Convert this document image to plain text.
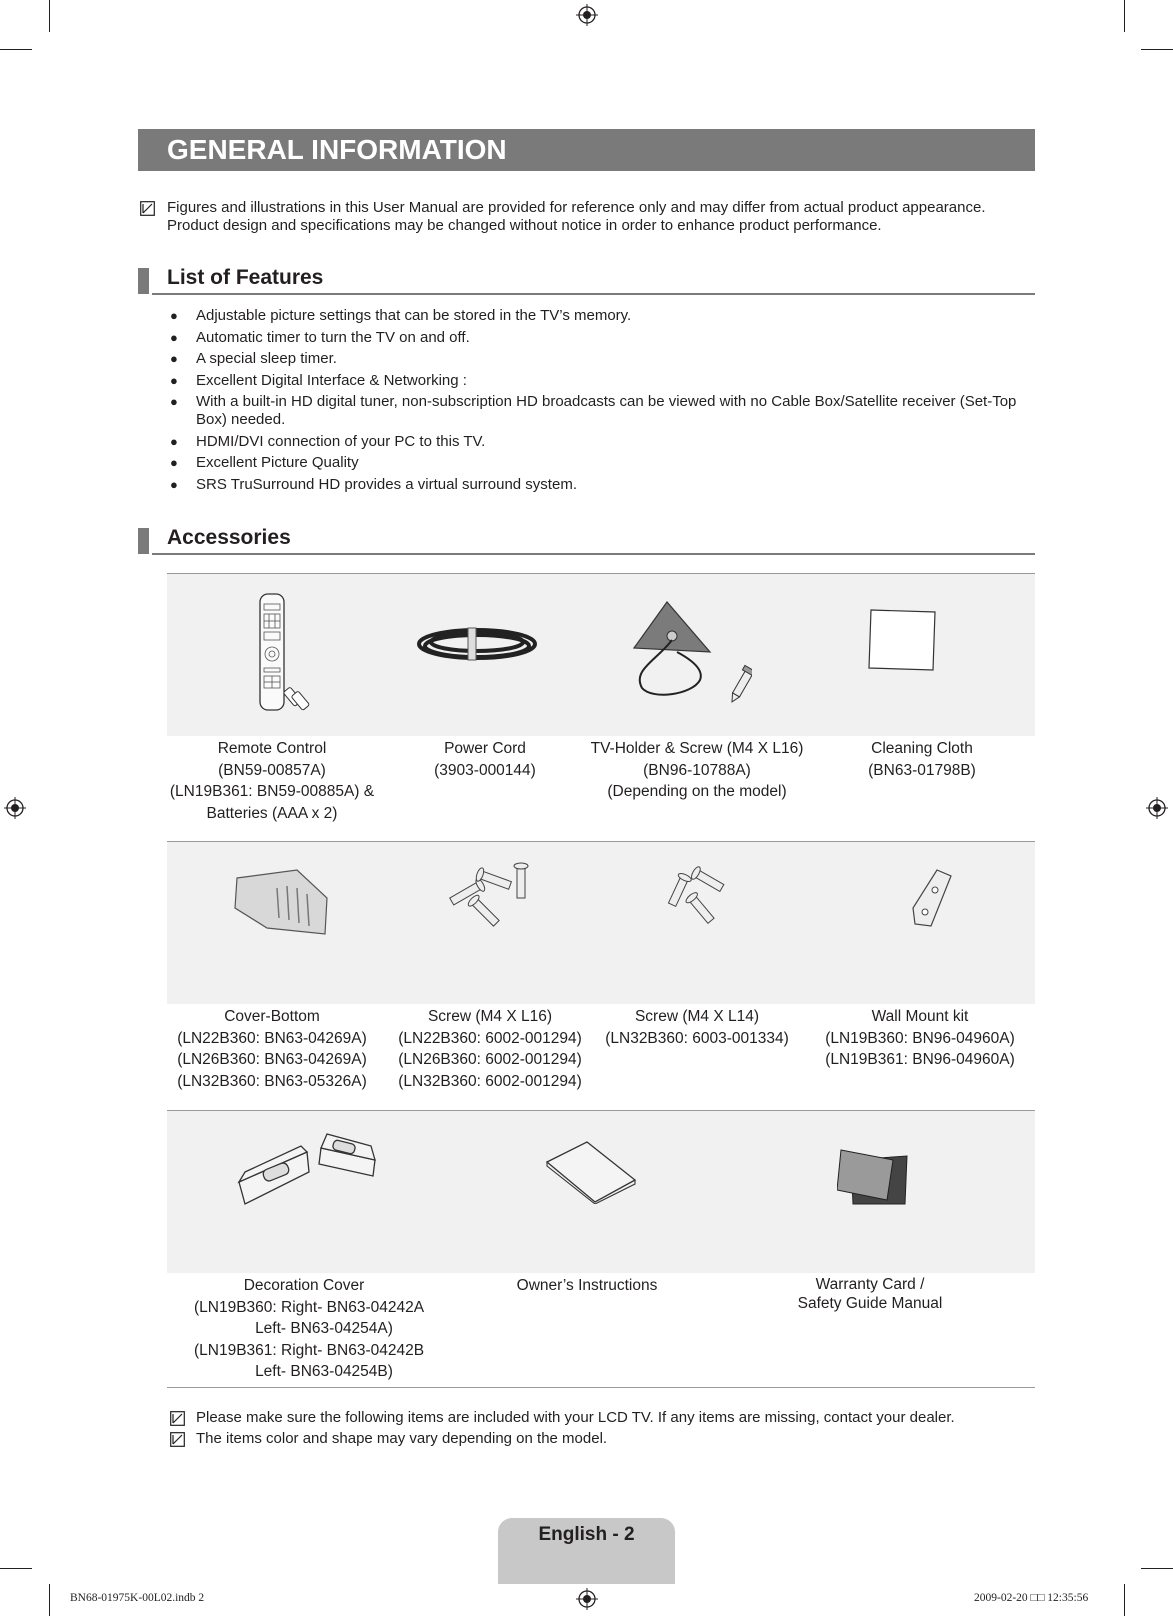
GENERAL INFORMATION
Figures and illustrations in this User Manual are provided for reference only and may differ from actual product appearance.
Product design and specifications may be changed without notice in order to enhance product performance.
List of Features
● Adjustable picture settings that can be stored in the TV’s memory.
● Automatic timer to turn the TV on and off.
● A special sleep timer.
● Excellent Digital Interface & Networking :
● With a built-in HD digital tuner, non-subscription HD broadcasts can be viewed with no Cable Box/Satellite receiver (Set-Top Box) needed.
● HDMI/DVI connection of your PC to this TV.
● Excellent Picture Quality
● SRS TruSurround HD provides a virtual surround system.
Accessories
Remote Control
(BN59-00857A)
(LN19B361: BN59-00885A) &
Batteries (AAA x 2)
Power Cord
(3903-000144)
TV-Holder & Screw (M4 X L16)
(BN96-10788A)
(Depending on the model)
Cleaning Cloth
(BN63-01798B)
Cover-Bottom
(LN22B360: BN63-04269A)
(LN26B360: BN63-04269A)
(LN32B360: BN63-05326A)
Screw (M4 X L16)
(LN22B360: 6002-001294)
(LN26B360: 6002-001294)
(LN32B360: 6002-001294)
Screw (M4 X L14)
(LN32B360: 6003-001334)
Wall Mount kit
(LN19B360: BN96-04960A)
(LN19B361: BN96-04960A)
Decoration Cover
(LN19B360: Right- BN63-04242A
Left- BN63-04254A)
(LN19B361: Right- BN63-04242B
Left- BN63-04254B)
Owner’s Instructions	Warranty Card /
Safety Guide Manual
Please make sure the following items are included with your LCD TV. If any items are missing, contact your dealer.
The items color and shape may vary depending on the model.
English - 2
BN68-01975K-00L02.indb 2	2009-02-20 □□ 12:35:56
